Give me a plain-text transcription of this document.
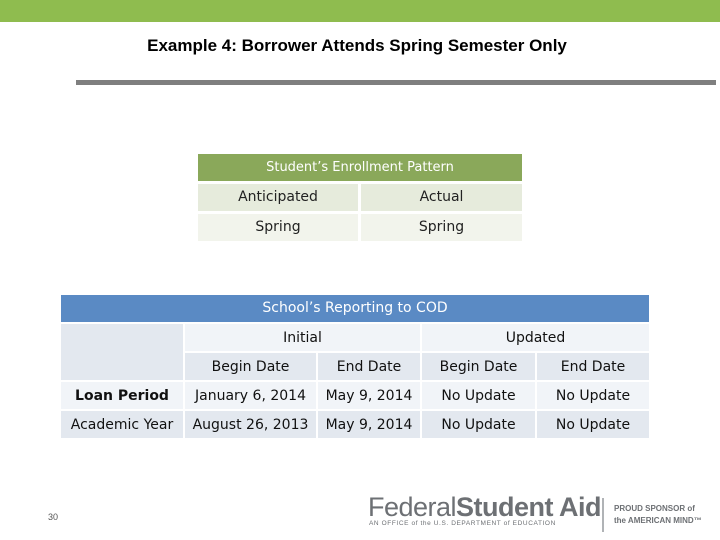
Example 4: Borrower Attends Spring Semester Only
Student’s Enrollment Pattern
Anticipated	Actual
Spring	Spring
School’s Reporting to COD
Initial	Updated
Begin Date	End Date	Begin Date	End Date
Loan Period	January 6, 2014	May 9, 2014	No Update	No Update
Academic Year	August 26, 2013	May 9, 2014	No Update	No Update
30	FederalStudent Aid
AN OFFICE of the U.S. DEPARTMENT of EDUCATION
PROUD SPONSOR of
the AMERICAN MIND™
